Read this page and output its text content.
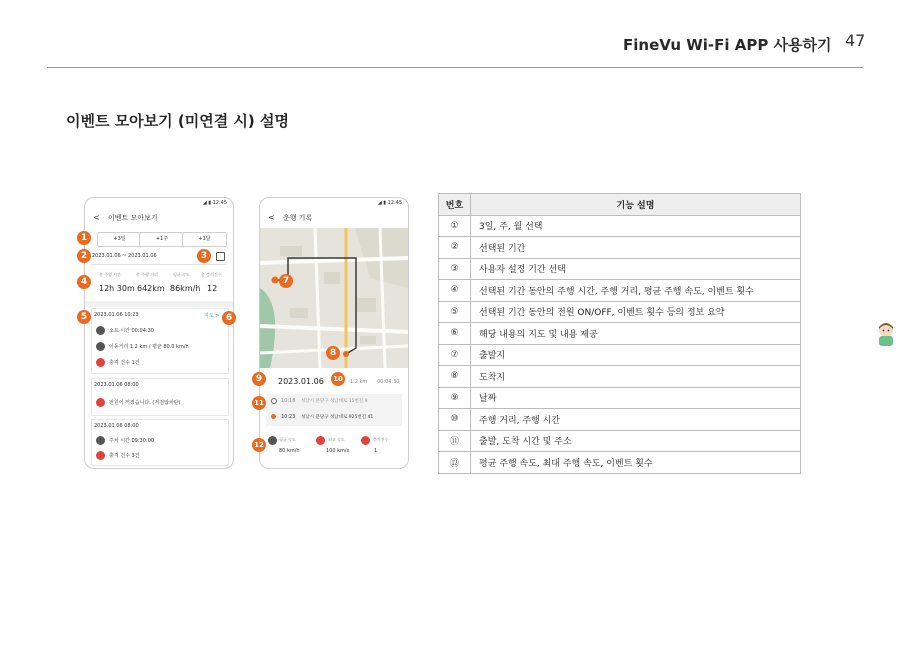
FineVu Wi-Fi APP 사용하기 47
이벤트 모아보기 (미연결 시) 설명
◢ ▮ 12:45
< 이벤트 모아보기
+3일	+1주	+1달
2023.01.06 ~ 2023.01.06
총 주행 시간	총 주행 거리	평균 속도	총 충격건수
12h 30m 642km 86km/h 12
2023.01.06 10:23	지도 >
소요 시간 00:04:30
이동거리 1.2 km / 평균 80.0 km/h
충격 건수 1건
2023.01.06 08:00
전원이 꺼졌습니다. (저전압차단)
2023.01.06 08:00
주차 시간 09:30:00
충격 건수 3건
◢ ▮ 12:45
< 운행 기록
2023.01.06	1.2 km 00:04:30
10:18 성남시 분당구 성남대로 15번길 9
10:23 성남시 분당구 성남대로 925번길 41
평균 속도
80 km/h
최고 속도
100 km/s
충격건수
1
1
2	3
4
5	6
7
8
9	10
11
12
번호	기능 설명
①	3일, 주, 월 선택
②	선택된 기간
③	사용자 설정 기간 선택
④	선택된 기간 동안의 주행 시간, 주행 거리, 평균 주행 속도, 이벤트 횟수
⑤	선택된 기간 동안의 전원 ON/OFF, 이벤트 횟수 등의 정보 요약
⑥	해당 내용의 지도 및 내용 제공
⑦	출발지
⑧	도착지
⑨	날짜
⑩	주행 거리, 주행 시간
⑪	출발, 도착 시간 및 주소
⑫	평균 주행 속도, 최대 주행 속도, 이벤트 횟수
